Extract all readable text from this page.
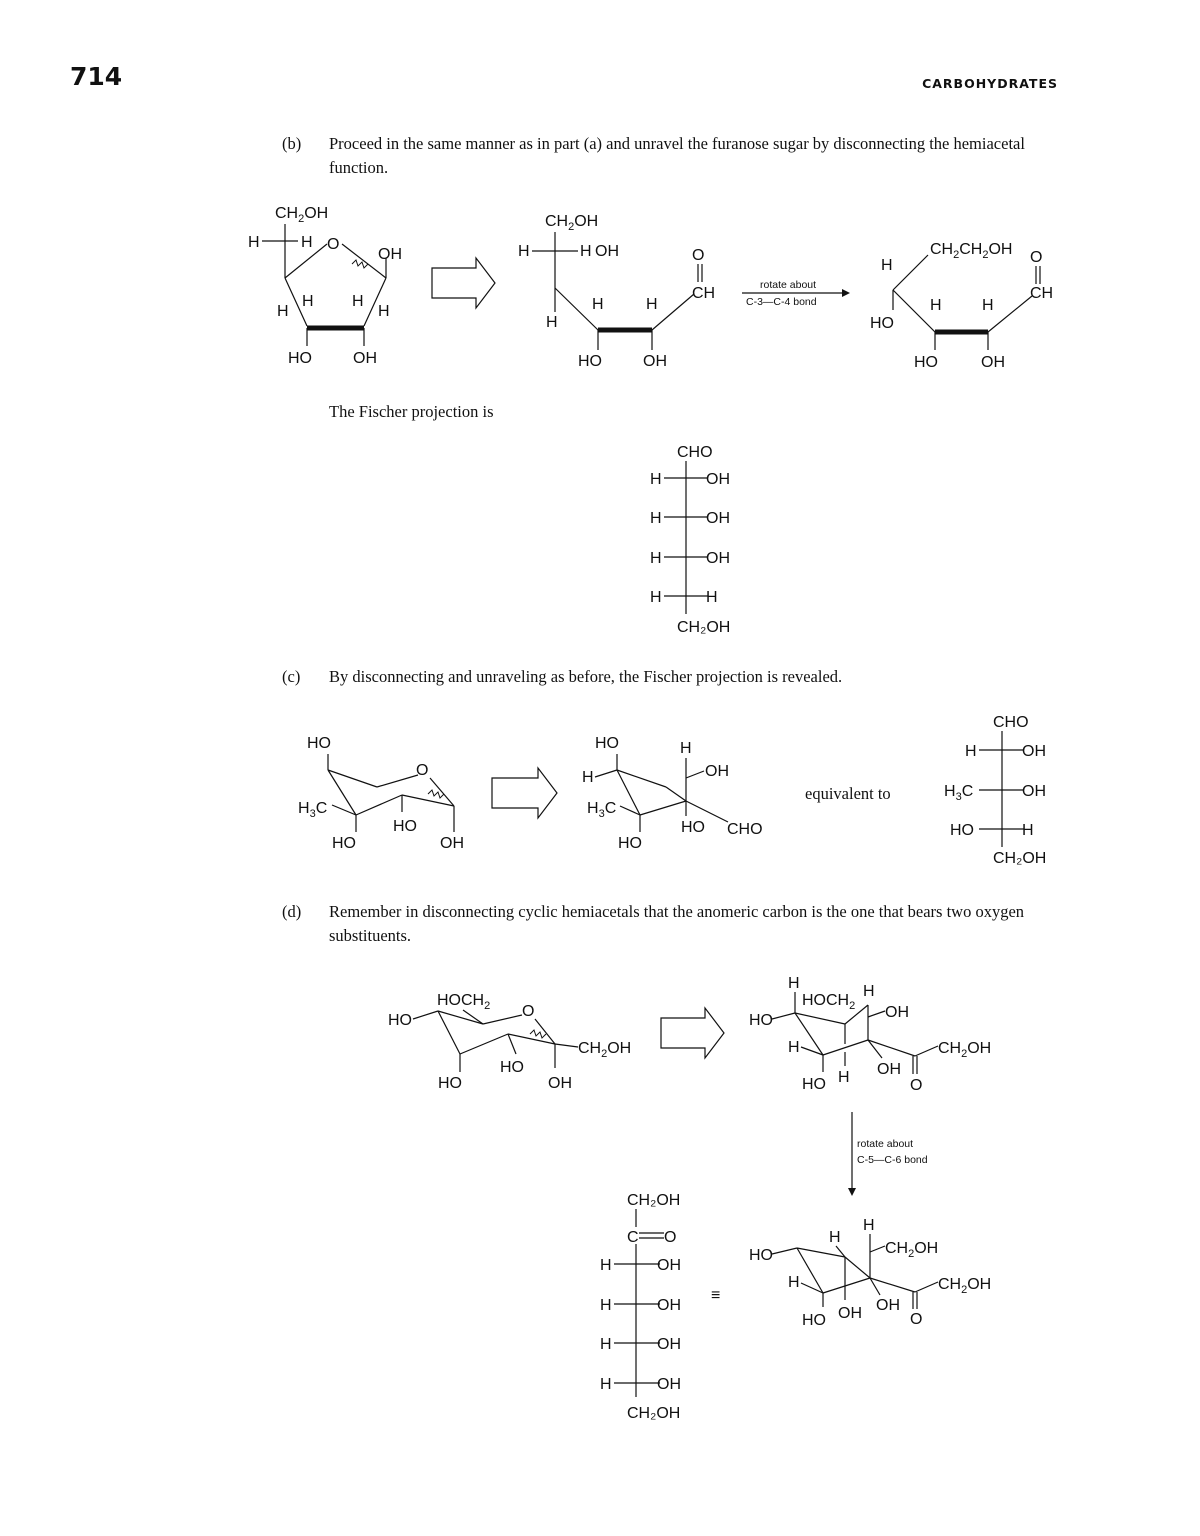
714	CARBOHYDRATES
(b) Proceed in the same manner as in part (a) and unravel the furanose sugar by disconnecting the hemiacetal function.
The Fischer projection is
(c) By disconnecting and unraveling as before, the Fischer projection is revealed.
(d) Remember in disconnecting cyclic hemiacetals that the anomeric carbon is the one that bears two oxygen substituents.
$CH_2OH$
H	H O
OH
H
H H
H
HO	OH
$CH_2OH$
H	H OH
H
H	H
HO	OH
O
CH	rotate about
C-3—C-4 bond
$CH_2CH_2OH$
H
HO
H	H
HO	OH
O
CH
CHO
H	OH
H	OH
H	OH
H	H
CH₂OH
HO
O
OH
HO
HO
$H_3C$
HO
H
H
OH
HO CHO
HO
$H_3C$
equivalent to
CHO
H	OH
$H_3C$	OH
HO	H
CH₂OH
$HOCH_2$
HO
O
$CH_2OH$
OH
HO
HO
H
$HOCH_2$
H
HO	OH
H
HO H OH
$CH_2OH$
O
rotate about
C-5—C-6 bond
CH₂OH
C O
H	OH
H	OH
H	OH
H	OH
CH₂OH
≡
H
H
$CH_2OH$
HO
H
HO OH OH
$CH_2OH$
O
